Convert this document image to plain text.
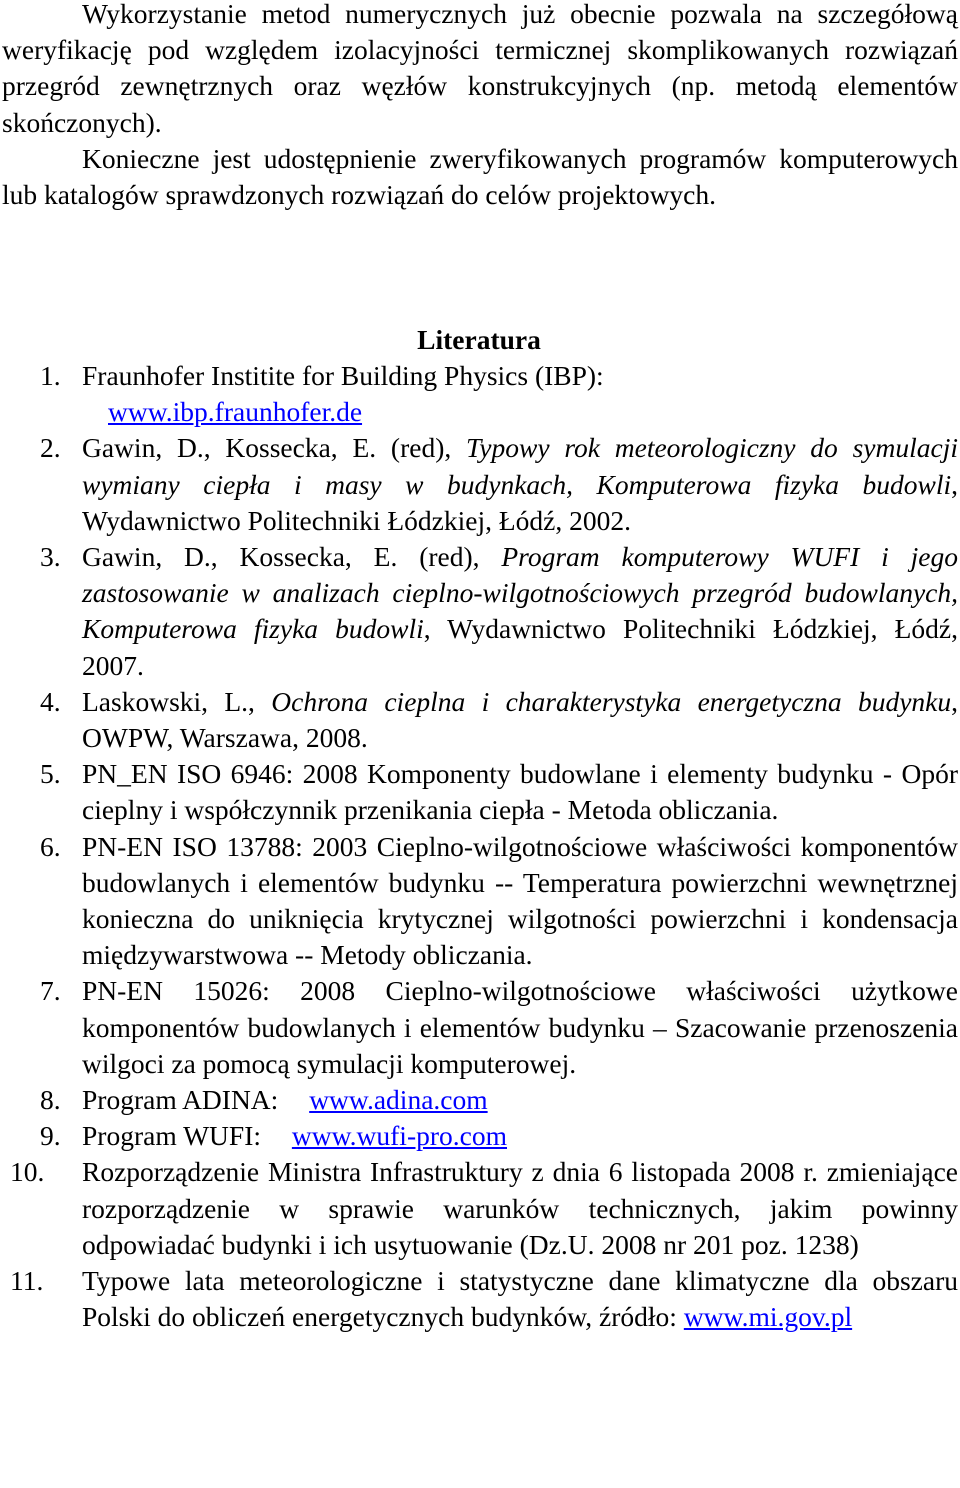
Wykorzystanie metod numerycznych już obecnie pozwala na szczegółową weryfikację pod względem izolacyjności termicznej skomplikowanych rozwiązań przegród zewnętrznych oraz węzłów konstrukcyjnych (np. metodą elementów skończonych).
Konieczne jest udostępnienie zweryfikowanych programów komputerowych lub katalogów sprawdzonych rozwiązań do celów projektowych.
Literatura
1. Fraunhofer Institite for Building Physics (IBP):
www.ibp.fraunhofer.de
2. Gawin, D., Kossecka, E. (red), Typowy rok meteorologiczny do symulacji wymiany ciepła i masy w budynkach, Komputerowa fizyka budowli, Wydawnictwo Politechniki Łódzkiej, Łódź, 2002.
3. Gawin, D., Kossecka, E. (red), Program komputerowy WUFI i jego zastosowanie w analizach cieplno-wilgotnościowych przegród budowlanych, Komputerowa fizyka budowli, Wydawnictwo Politechniki Łódzkiej, Łódź, 2007.
4. Laskowski, L., Ochrona cieplna i charakterystyka energetyczna budynku, OWPW, Warszawa, 2008.
5. PN_EN ISO 6946: 2008 Komponenty budowlane i elementy budynku - Opór cieplny i współczynnik przenikania ciepła - Metoda obliczania.
6. PN-EN ISO 13788: 2003 Cieplno-wilgotnościowe właściwości komponentów budowlanych i elementów budynku -- Temperatura powierzchni wewnętrznej konieczna do uniknięcia krytycznej wilgotności powierzchni i kondensacja międzywarstwowa -- Metody obliczania.
7. PN-EN 15026: 2008 Cieplno-wilgotnościowe właściwości użytkowe komponentów budowlanych i elementów budynku – Szacowanie przenoszenia wilgoci za pomocą symulacji komputerowej.
8. Program ADINA: www.adina.com
9. Program WUFI: www.wufi-pro.com
10. Rozporządzenie Ministra Infrastruktury z dnia 6 listopada 2008 r. zmieniające rozporządzenie w sprawie warunków technicznych, jakim powinny odpowiadać budynki i ich usytuowanie (Dz.U. 2008 nr 201 poz. 1238)
11. Typowe lata meteorologiczne i statystyczne dane klimatyczne dla obszaru Polski do obliczeń energetycznych budynków, źródło: www.mi.gov.pl
